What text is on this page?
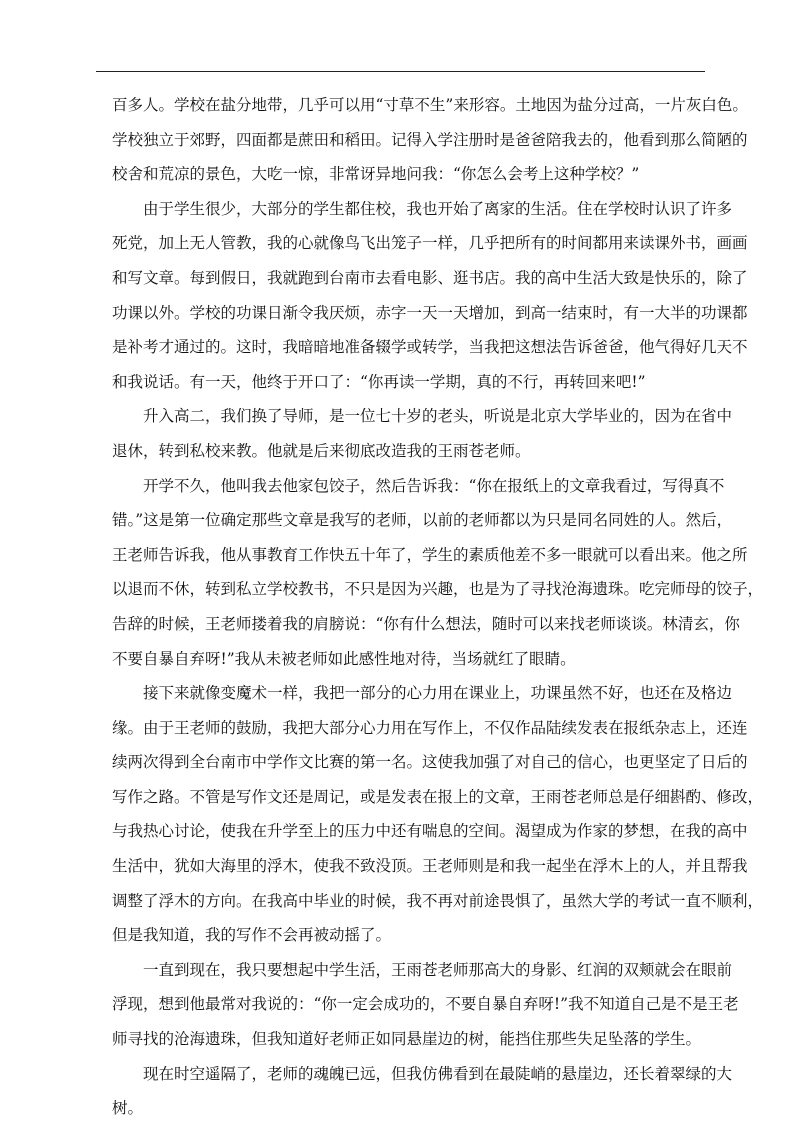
百多人。学校在盐分地带，几乎可以用“寸草不生”来形容。土地因为盐分过高，一片灰白色。
学校独立于郊野，四面都是蔗田和稻田。记得入学注册时是爸爸陪我去的，他看到那么简陋的
校舍和荒凉的景色，大吃一惊，非常讶异地问我：“你怎么会考上这种学校？”
由于学生很少，大部分的学生都住校，我也开始了离家的生活。住在学校时认识了许多
死党，加上无人管教，我的心就像鸟飞出笼子一样，几乎把所有的时间都用来读课外书，画画
和写文章。每到假日，我就跑到台南市去看电影、逛书店。我的高中生活大致是快乐的，除了
功课以外。学校的功课日渐令我厌烦，赤字一天一天增加，到高一结束时，有一大半的功课都
是补考才通过的。这时，我暗暗地准备辍学或转学，当我把这想法告诉爸爸，他气得好几天不
和我说话。有一天，他终于开口了：“你再读一学期，真的不行，再转回来吧!”
升入高二，我们换了导师，是一位七十岁的老头，听说是北京大学毕业的，因为在省中
退休，转到私校来教。他就是后来彻底改造我的王雨苍老师。
开学不久，他叫我去他家包饺子，然后告诉我：“你在报纸上的文章我看过，写得真不
错。”这是第一位确定那些文章是我写的老师，以前的老师都以为只是同名同姓的人。然后，
王老师告诉我，他从事教育工作快五十年了，学生的素质他差不多一眼就可以看出来。他之所
以退而不休，转到私立学校教书，不只是因为兴趣，也是为了寻找沧海遗珠。吃完师母的饺子，
告辞的时候，王老师搂着我的肩膀说：“你有什么想法，随时可以来找老师谈谈。林清玄，你
不要自暴自弃呀!”我从未被老师如此感性地对待，当场就红了眼睛。
接下来就像变魔术一样，我把一部分的心力用在课业上，功课虽然不好，也还在及格边
缘。由于王老师的鼓励，我把大部分心力用在写作上，不仅作品陆续发表在报纸杂志上，还连
续两次得到全台南市中学作文比赛的第一名。这使我加强了对自己的信心，也更坚定了日后的
写作之路。不管是写作文还是周记，或是发表在报上的文章，王雨苍老师总是仔细斟酌、修改，
与我热心讨论，使我在升学至上的压力中还有喘息的空间。渴望成为作家的梦想，在我的高中
生活中，犹如大海里的浮木，使我不致没顶。王老师则是和我一起坐在浮木上的人，并且帮我
调整了浮木的方向。在我高中毕业的时候，我不再对前途畏惧了，虽然大学的考试一直不顺利，
但是我知道，我的写作不会再被动摇了。
一直到现在，我只要想起中学生活，王雨苍老师那高大的身影、红润的双颊就会在眼前
浮现，想到他最常对我说的：“你一定会成功的，不要自暴自弃呀!”我不知道自己是不是王老
师寻找的沧海遗珠，但我知道好老师正如同悬崖边的树，能挡住那些失足坠落的学生。
现在时空遥隔了，老师的魂魄已远，但我仿佛看到在最陡峭的悬崖边，还长着翠绿的大
树。
